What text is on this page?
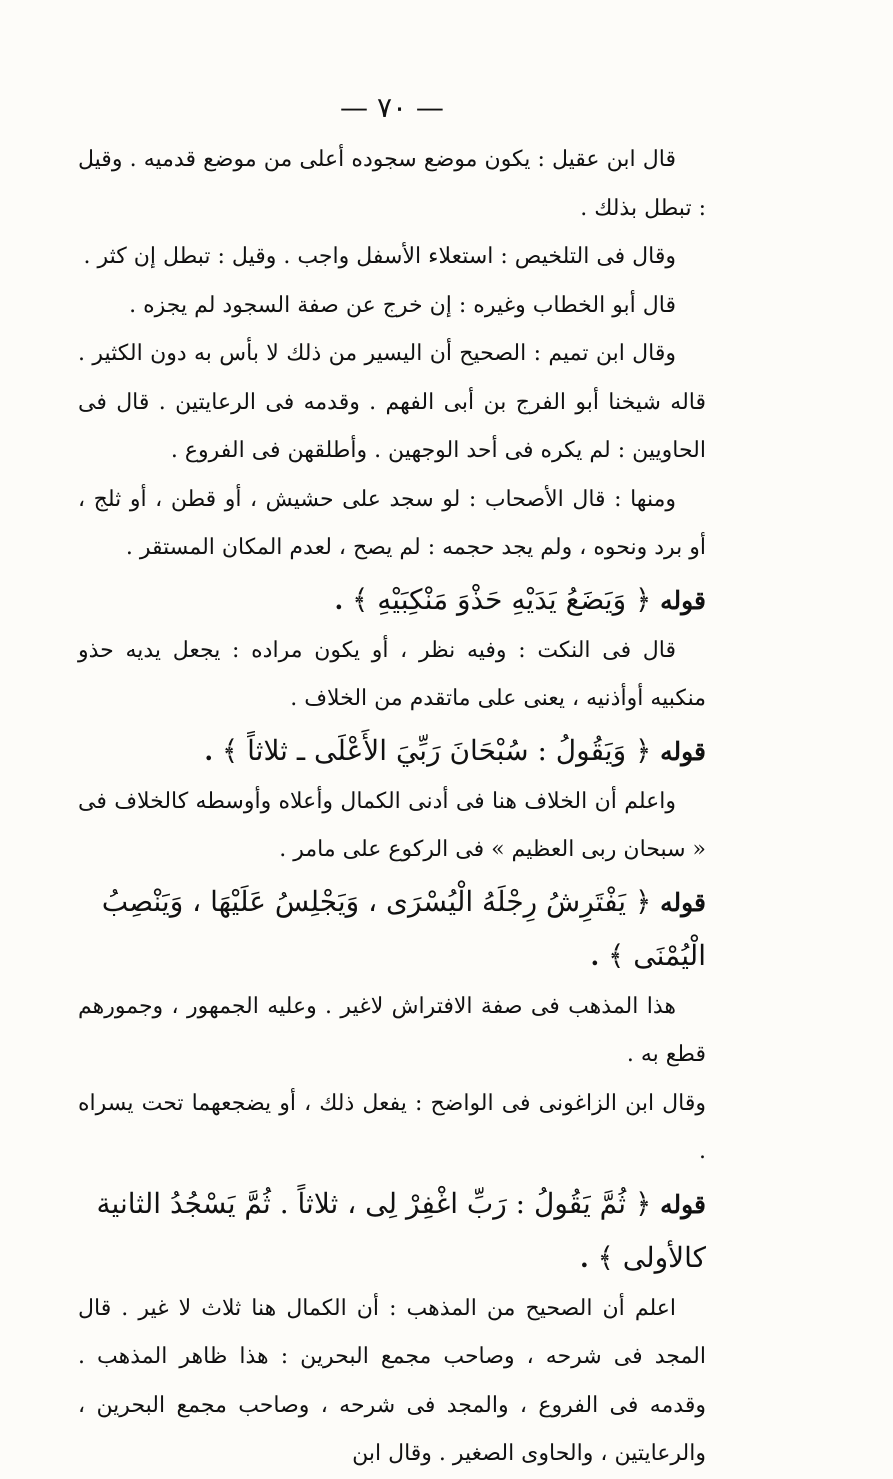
— ٧٠ —
قال ابن عقيل : يكون موضع سجوده أعلى من موضع قدميه . وقيل : تبطل بذلك .
وقال فى التلخيص : استعلاء الأسفل واجب . وقيل : تبطل إن كثر .
قال أبو الخطاب وغيره : إن خرج عن صفة السجود لم يجزه .
وقال ابن تميم : الصحيح أن اليسير من ذلك لا بأس به دون الكثير . قاله شيخنا أبو الفرج بن أبى الفهم . وقدمه فى الرعايتين . قال فى الحاويين : لم يكره فى أحد الوجهين . وأطلقهن فى الفروع .
ومنها : قال الأصحاب : لو سجد على حشيش ، أو قطن ، أو ثلج ، أو برد ونحوه ، ولم يجد حجمه : لم يصح ، لعدم المكان المستقر .
قوله ﴿ وَيَضَعُ يَدَيْهِ حَذْوَ مَنْكِبَيْهِ ﴾ .
قال فى النكت : وفيه نظر ، أو يكون مراده : يجعل يديه حذو منكبيه أوأذنيه ، يعنى على ماتقدم من الخلاف .
قوله ﴿ وَيَقُولُ : سُبْحَانَ رَبِّيَ الأَعْلَى ـ ثلاثاً ﴾ .
واعلم أن الخلاف هنا فى أدنى الكمال وأعلاه وأوسطه كالخلاف فى « سبحان ربى العظيم » فى الركوع على مامر .
قوله ﴿ يَفْتَرِشُ رِجْلَهُ الْيُسْرَى ، وَيَجْلِسُ عَلَيْهَا ، وَيَنْصِبُ الْيُمْنَى ﴾ .
هذا المذهب فى صفة الافتراش لاغير . وعليه الجمهور ، وجمورهم قطع به .
وقال ابن الزاغونى فى الواضح : يفعل ذلك ، أو يضجعهما تحت يسراه .
قوله ﴿ ثُمَّ يَقُولُ : رَبِّ اغْفِرْ لِى ، ثلاثاً . ثُمَّ يَسْجُدُ الثانية كالأولى ﴾ .
اعلم أن الصحيح من المذهب : أن الكمال هنا ثلاث لا غير . قال المجد فى شرحه ، وصاحب مجمع البحرين : هذا ظاهر المذهب . وقدمه فى الفروع ، والمجد فى شرحه ، وصاحب مجمع البحرين ، والرعايتين ، والحاوى الصغير . وقال ابن
